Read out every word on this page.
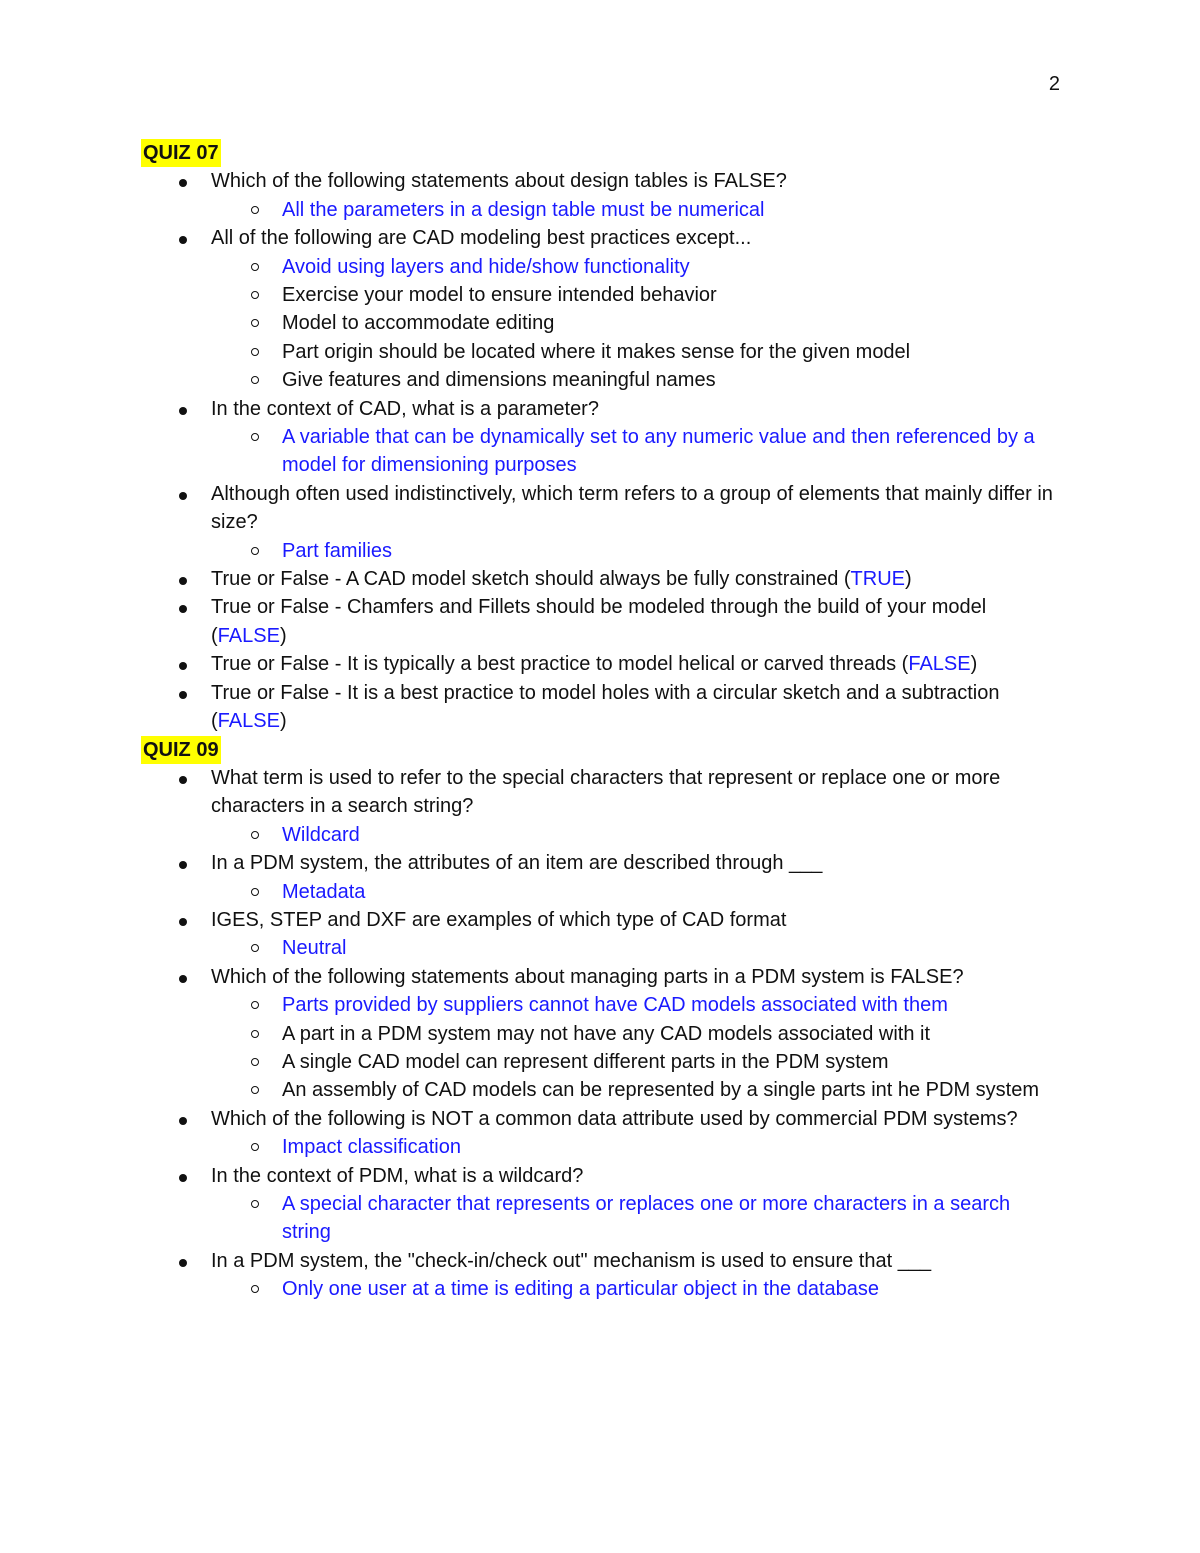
2
QUIZ 07
Which of the following statements about design tables is FALSE?
All the parameters in a design table must be numerical
All of the following are CAD modeling best practices except...
Avoid using layers and hide/show functionality
Exercise your model to ensure intended behavior
Model to accommodate editing
Part origin should be located where it makes sense for the given model
Give features and dimensions meaningful names
In the context of CAD, what is a parameter?
A variable that can be dynamically set to any numeric value and then referenced by a model for dimensioning purposes
Although often used indistinctively, which term refers to a group of elements that mainly differ in size?
Part families
True or False - A CAD model sketch should always be fully constrained (TRUE)
True or False - Chamfers and Fillets should be modeled through the build of your model (FALSE)
True or False - It is typically a best practice to model helical or carved threads (FALSE)
True or False - It is a best practice to model holes with a circular sketch and a subtraction (FALSE)
QUIZ 09
What term is used to refer to the special characters that represent or replace one or more characters in a search string?
Wildcard
In a PDM system, the attributes of an item are described through ___
Metadata
IGES, STEP and DXF are examples of which type of CAD format
Neutral
Which of the following statements about managing parts in a PDM system is FALSE?
Parts provided by suppliers cannot have CAD models associated with them
A part in a PDM system may not have any CAD models associated with it
A single CAD model can represent different parts in the PDM system
An assembly of CAD models can be represented by a single parts int he PDM system
Which of the following is NOT a common data attribute used by commercial PDM systems?
Impact classification
In the context of PDM, what is a wildcard?
A special character that represents or replaces one or more characters in a search string
In a PDM system, the "check-in/check out" mechanism is used to ensure that ___
Only one user at a time is editing a particular object in the database
